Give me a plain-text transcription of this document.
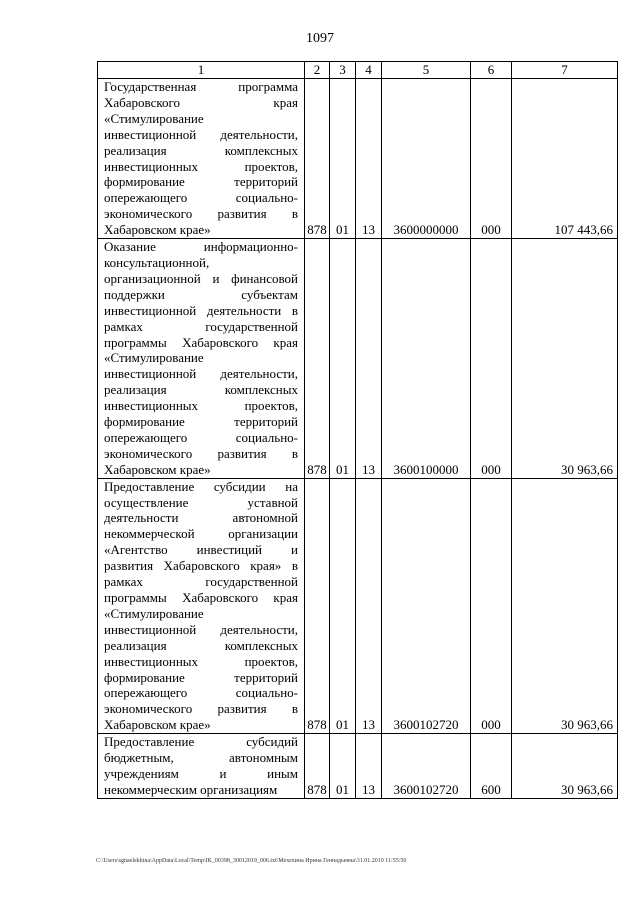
1097
1	2	3	4	5	6	7
Государственная программа Хабаровского края «Стимулирование инвестиционной деятельности, реализация комплексных инвестиционных проектов, формирование территорий опережающего социально-экономического развития в Хабаровском крае»	878	01	13	3600000000	000	107 443,66
Оказание информационно-консультационной, организационной и финансовой поддержки субъектам инвестиционной деятельности в рамках государственной программы Хабаровского края «Стимулирование инвестиционной деятельности, реализация комплексных инвестиционных проектов, формирование территорий опережающего социально-экономического развития в Хабаровском крае»	878	01	13	3600100000	000	30 963,66
Предоставление субсидии на осуществление уставной деятельности автономной некоммерческой организации «Агентство инвестиций и развития Хабаровского края» в рамках государственной программы Хабаровского края «Стимулирование инвестиционной деятельности, реализация комплексных инвестиционных проектов, формирование территорий опережающего социально-экономического развития в Хабаровском крае»	878	01	13	3600102720	000	30 963,66
Предоставление субсидий бюджетным, автономным учреждениям и иным некоммерческим организациям	878	01	13	3600102720	600	30 963,66
C:\Users\sgnaelekhina\AppData\Local\Temp\IK_00398_30012019_006.txt\Мехехина Ирина Геннадьевна\31.01.2019 11:55:50
